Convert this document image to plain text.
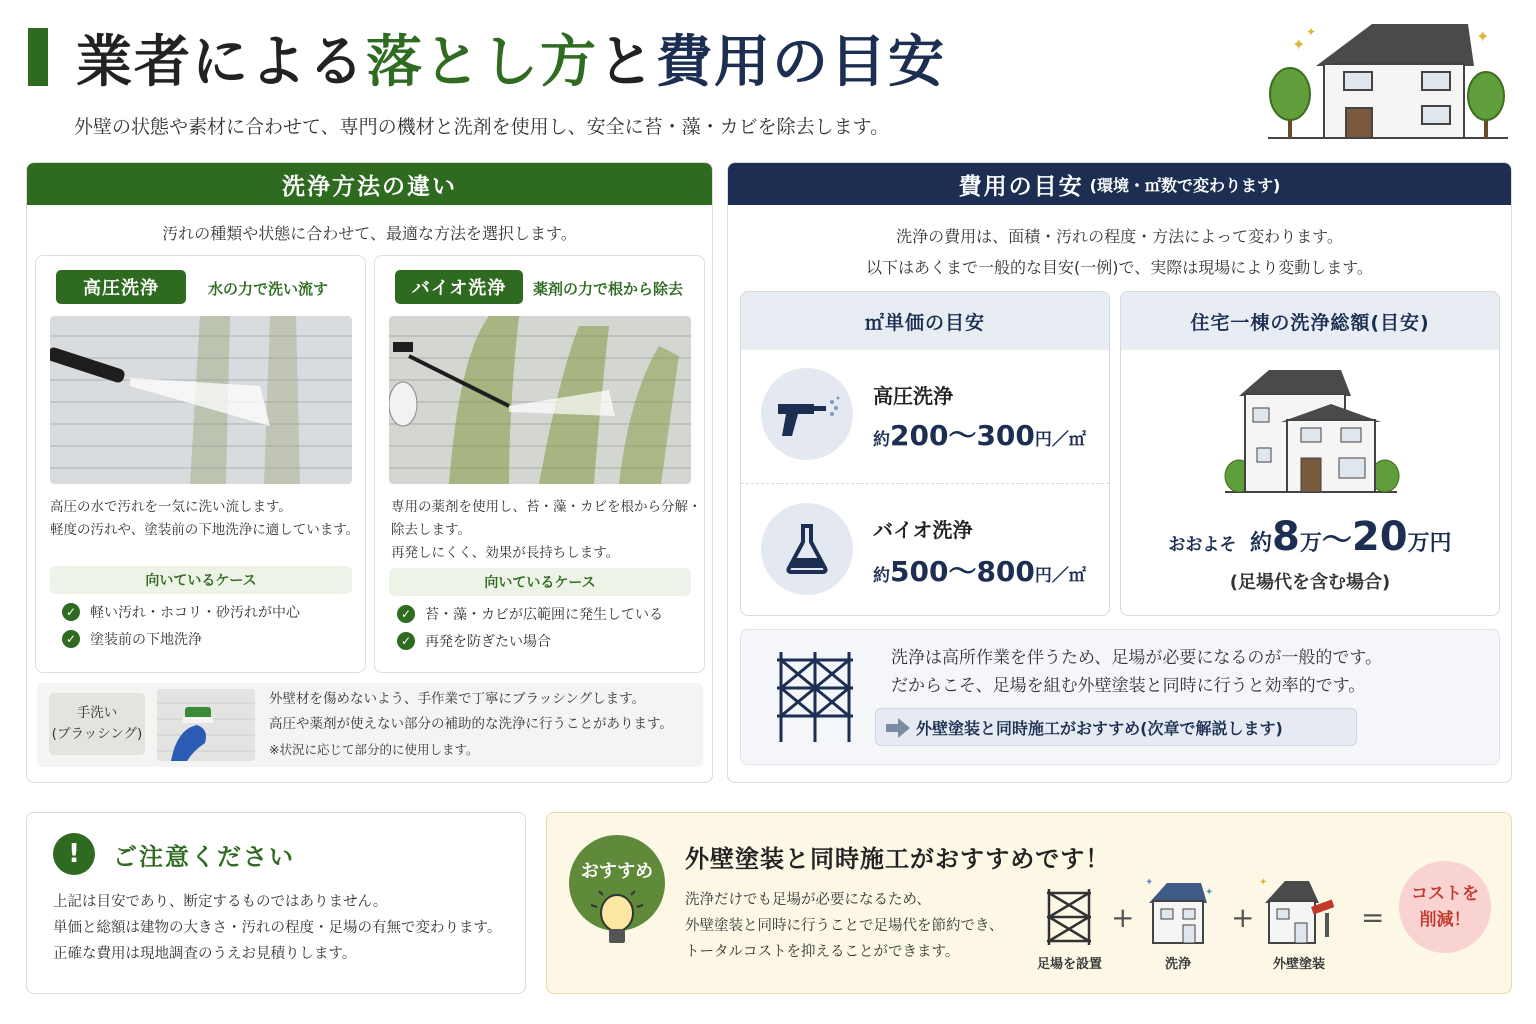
業者による落とし方と費用の目安
外壁の状態や素材に合わせて、専門の機材と洗剤を使用し、安全に苔・藻・カビを除去します。
✦
✦	✦
洗浄方法の違い
汚れの種類や状態に合わせて、最適な方法を選択します。
高圧洗浄	水の力で洗い流す
高圧の水で汚れを一気に洗い流します。
軽度の汚れや、塗装前の下地洗浄に適しています。
向いているケース
✓ 軽い汚れ・ホコリ・砂汚れが中心
✓ 塗装前の下地洗浄
バイオ洗浄	薬剤の力で根から除去
専用の薬剤を使用し、苔・藻・カビを根から分解・
除去します。
再発しにくく、効果が長持ちします。
向いているケース
✓ 苔・藻・カビが広範囲に発生している
✓ 再発を防ぎたい場合
手洗い
(ブラッシング)
外壁材を傷めないよう、手作業で丁寧にブラッシングします。
高圧や薬剤が使えない部分の補助的な洗浄に行うことがあります。
※状況に応じて部分的に使用します。
費用の目安 (環境・㎡数で変わります)
洗浄の費用は、面積・汚れの程度・方法によって変わります。
以下はあくまで一般的な目安(一例)で、実際は現場により変動します。
㎡単価の目安
高圧洗浄
約200〜300円／㎡
バイオ洗浄
約500〜800円／㎡
住宅一棟の洗浄総額(目安)
おおよそ 約8万〜20万円
(足場代を含む場合)
洗浄は高所作業を伴うため、足場が必要になるのが一般的です。
だからこそ、足場を組む外壁塗装と同時に行うと効率的です。
外壁塗装と同時施工がおすすめ(次章で解説します)
!	ご注意ください
上記は目安であり、断定するものではありません。
単価と総額は建物の大きさ・汚れの程度・足場の有無で変わります。
正確な費用は現地調査のうえお見積りします。
おすすめ	外壁塗装と同時施工がおすすめです！
洗浄だけでも足場が必要になるため、
外壁塗装と同時に行うことで足場代を節約でき、
トータルコストを抑えることができます。
足場を設置
+
✦
✦
洗浄
+
✦
外壁塗装
=
コストを
削減！
